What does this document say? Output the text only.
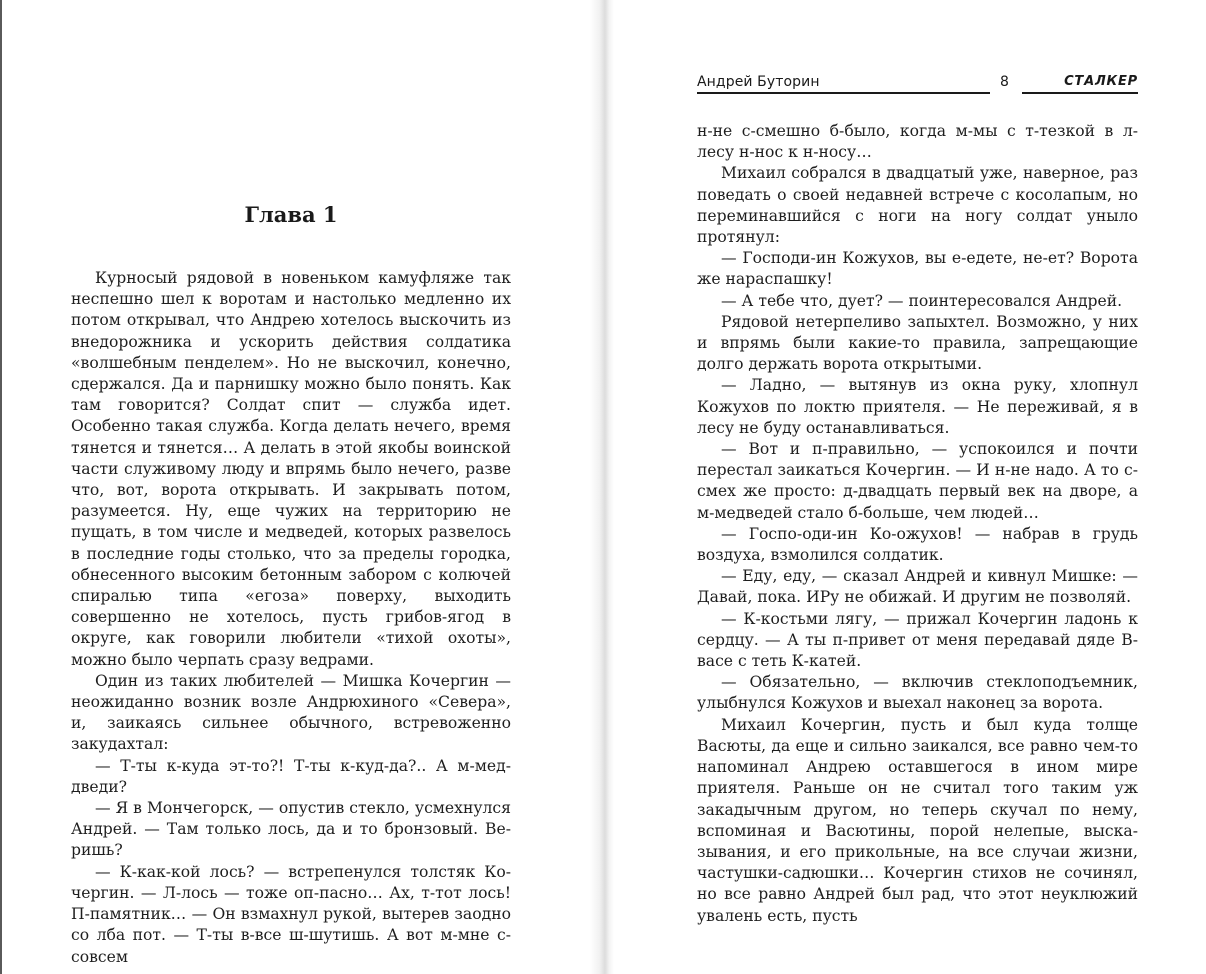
Глава 1

Курносый рядовой в новеньком камуфляже так неспешно шел к воротам и настолько медленно их потом открывал, что Андрею хотелось выскочить из внедорожника и ускорить действия солдатика «волшебным пенделем». Но не выскочил, конечно, сдержался. Да и парнишку можно было понять. Как там говорится? Солдат спит — служба идет. Особенно такая служба. Когда делать нечего, время тянется и тянется… А делать в этой якобы воинской части служивому люду и впрямь было нечего, разве что, вот, ворота открывать. И закрывать потом, разумеется. Ну, еще чужих на территорию не пущать, в том числе и медведей, которых развелось в последние годы столько, что за пределы городка, обнесенного высоким бетонным забором с колючей спиралью типа «егоза» поверху, выходить совершенно не хотелось, пусть грибов-ягод в округе, как говорили любители «тихой охоты», можно было черпать сразу ведрами.

Один из таких любителей — Мишка Кочергин — неожиданно возник возле Андрюхиного «Севера», и, заикаясь сильнее обычного, встревоженно закудахтал:

— Т-ты к-куда эт-то?! Т-ты к-куд-да?.. А м-мед-дведи?

— Я в Мончегорск, — опустив стекло, усмехнулся Андрей. — Там только лось, да и то бронзовый. Веришь?

— К-как-кой лось? — встрепенулся толстяк Кочергин. — Л-лось — тоже оп-пасно… Ах, т-тот лось! П-памятник… — Он взмахнул рукой, вытерев заодно со лба пот. — Т-ты в-все ш-шутишь. А вот м-мне с-совсем

Андрей Буторин	8	СТАЛКЕР

н-не с-смешно б-было, когда м-мы с т-тезкой в л-лесу н-нос к н-носу…

Михаил собрался в двадцатый уже, наверное, раз поведать о своей недавней встрече с косолапым, но переминавшийся с ноги на ногу солдат уныло протянул:

— Господи-ин Кожухов, вы е-едете, не-ет? Ворота же нараспашку!

— А тебе что, дует? — поинтересовался Андрей.

Рядовой нетерпеливо запыхтел. Возможно, у них и впрямь были какие-то правила, запрещающие долго держать ворота открытыми.

— Ладно, — вытянув из окна руку, хлопнул Кожухов по локтю приятеля. — Не переживай, я в лесу не буду останавливаться.

— Вот и п-правильно, — успокоился и почти перестал заикаться Кочергин. — И н-не надо. А то с-смех же просто: д-двадцать первый век на дворе, а м-медведей стало б-больше, чем людей…

— Госпо-оди-ин Ко-ожухов! — набрав в грудь воздуха, взмолился солдатик.

— Еду, еду, — сказал Андрей и кивнул Мишке: — Давай, пока. ИРу не обижай. И другим не позволяй.

— К-костьми лягу, — прижал Кочергин ладонь к сердцу. — А ты п-привет от меня передавай дяде В-васе с теть К-катей.

— Обязательно, — включив стеклоподъемник, улыбнулся Кожухов и выехал наконец за ворота.

Михаил Кочергин, пусть и был куда толще Васюты, да еще и сильно заикался, все равно чем-то напоминал Андрею оставшегося в ином мире приятеля. Раньше он не считал того таким уж закадычным другом, но теперь скучал по нему, вспоминая и Васютины, порой нелепые, высказывания, и его прикольные, на все случаи жизни, частушки-садюшки… Кочергин стихов не сочинял, но все равно Андрей был рад, что этот неуклюжий увалень есть, пусть
